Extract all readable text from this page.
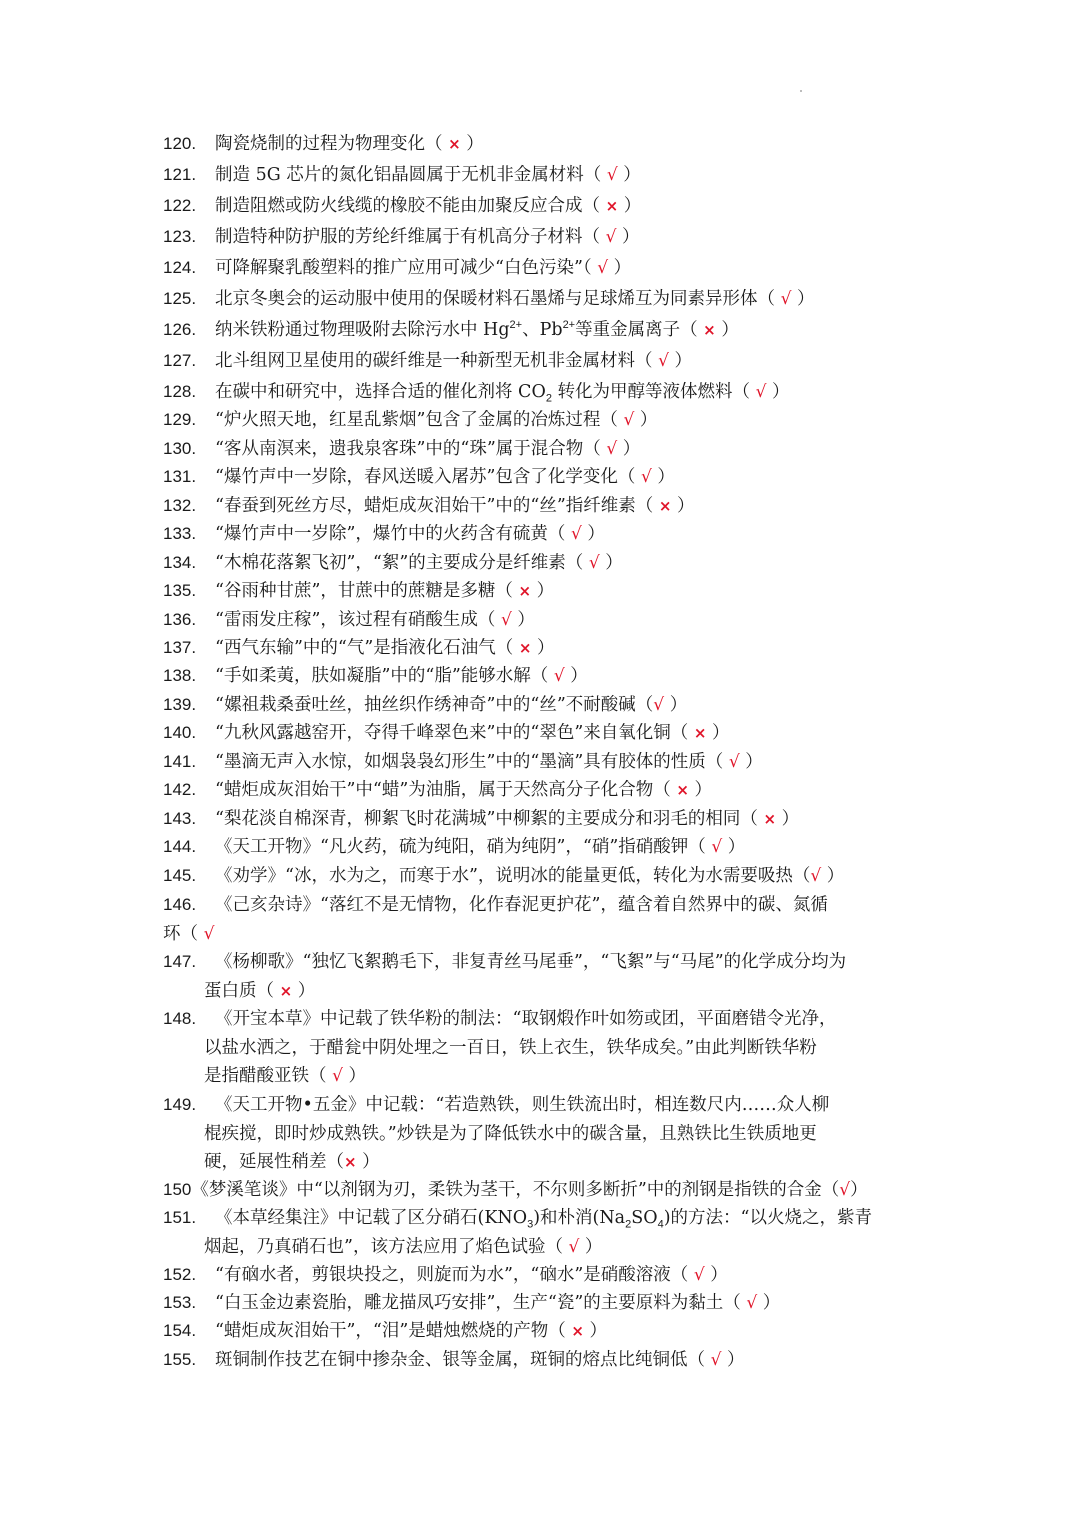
120. 陶瓷烧制的过程为物理变化（ × ）
121. 制造 5G 芯片的氮化铝晶圆属于无机非金属材料（ √ ）
122. 制造阻燃或防火线缆的橡胶不能由加聚反应合成（ × ）
123. 制造特种防护服的芳纶纤维属于有机高分子材料（ √ ）
124. 可降解聚乳酸塑料的推广应用可减少“白色污染”（ √ ）
125. 北京冬奥会的运动服中使用的保暖材料石墨烯与足球烯互为同素异形体（ √ ）
126. 纳米铁粉通过物理吸附去除污水中 $Hg^{2+}$、$Pb^{2+}$等重金属离子（ × ）
127. 北斗组网卫星使用的碳纤维是一种新型无机非金属材料（ √ ）
128. 在碳中和研究中，选择合适的催化剂将 $CO_2$ 转化为甲醇等液体燃料（ √ ）
129. “炉火照天地，红星乱紫烟”包含了金属的冶炼过程（ √ ）
130. “客从南溟来，遗我泉客珠”中的“珠”属于混合物（ √ ）
131. “爆竹声中一岁除，春风送暖入屠苏”包含了化学变化（ √ ）
132. “春蚕到死丝方尽，蜡炬成灰泪始干”中的“丝”指纤维素（ × ）
133. “爆竹声中一岁除”，爆竹中的火药含有硫黄（ √ ）
134. “木棉花落絮飞初”，“絮”的主要成分是纤维素（ √ ）
135. “谷雨种甘蔗”，甘蔗中的蔗糖是多糖（ × ）
136. “雷雨发庄稼”，该过程有硝酸生成（ √ ）
137. “西气东输”中的“气”是指液化石油气（ × ）
138. “手如柔荑，肤如凝脂”中的“脂”能够水解（ √ ）
139. “嫘祖栽桑蚕吐丝，抽丝织作绣神奇”中的“丝”不耐酸碱（√ ）
140. “九秋风露越窑开，夺得千峰翠色来”中的“翠色”来自氧化铜（ × ）
141. “墨滴无声入水惊，如烟袅袅幻形生”中的“墨滴”具有胶体的性质（ √ ）
142. “蜡炬成灰泪始干”中“蜡”为油脂，属于天然高分子化合物（ × ）
143. “梨花淡自棉深青，柳絮飞时花满城”中柳絮的主要成分和羽毛的相同（ × ）
144. 《天工开物》“凡火药，硫为纯阳，硝为纯阴”，“硝”指硝酸钾（ √ ）
145. 《劝学》“冰，水为之，而寒于水”，说明冰的能量更低，转化为水需要吸热（√ ）
146. 《己亥杂诗》“落红不是无情物，化作春泥更护花”，蕴含着自然界中的碳、氮循
环（ √
147. 《杨柳歌》“独忆飞絮鹅毛下，非复青丝马尾垂”，“飞絮”与“马尾”的化学成分均为
蛋白质（ × ）
148. 《开宝本草》中记载了铁华粉的制法：“取钢煅作叶如笏或团，平面磨错令光净，
以盐水洒之，于醋瓮中阴处埋之一百日，铁上衣生，铁华成矣。”由此判断铁华粉
是指醋酸亚铁（ √ ）
149. 《天工开物•五金》中记载：“若造熟铁，则生铁流出时，相连数尺内……众人柳
棍疾搅，即时炒成熟铁。”炒铁是为了降低铁水中的碳含量，且熟铁比生铁质地更
硬，延展性稍差（× ）
150《梦溪笔谈》中“以剂钢为刃，柔铁为茎干，不尔则多断折”中的剂钢是指铁的合金（√）
151. 《本草经集注》中记载了区分硝石$(KNO_3)$和朴消$(Na_2SO_4)$的方法：“以火烧之，紫青
烟起，乃真硝石也”，该方法应用了焰色试验（ √ ）
152. “有硇水者，剪银块投之，则旋而为水”，“硇水”是硝酸溶液（ √ ）
153. “白玉金边素瓷胎，雕龙描凤巧安排”，生产“瓷”的主要原料为黏土（ √ ）
154. “蜡炬成灰泪始干”，“泪”是蜡烛燃烧的产物（ × ）
155. 斑铜制作技艺在铜中掺杂金、银等金属，斑铜的熔点比纯铜低（ √ ）
